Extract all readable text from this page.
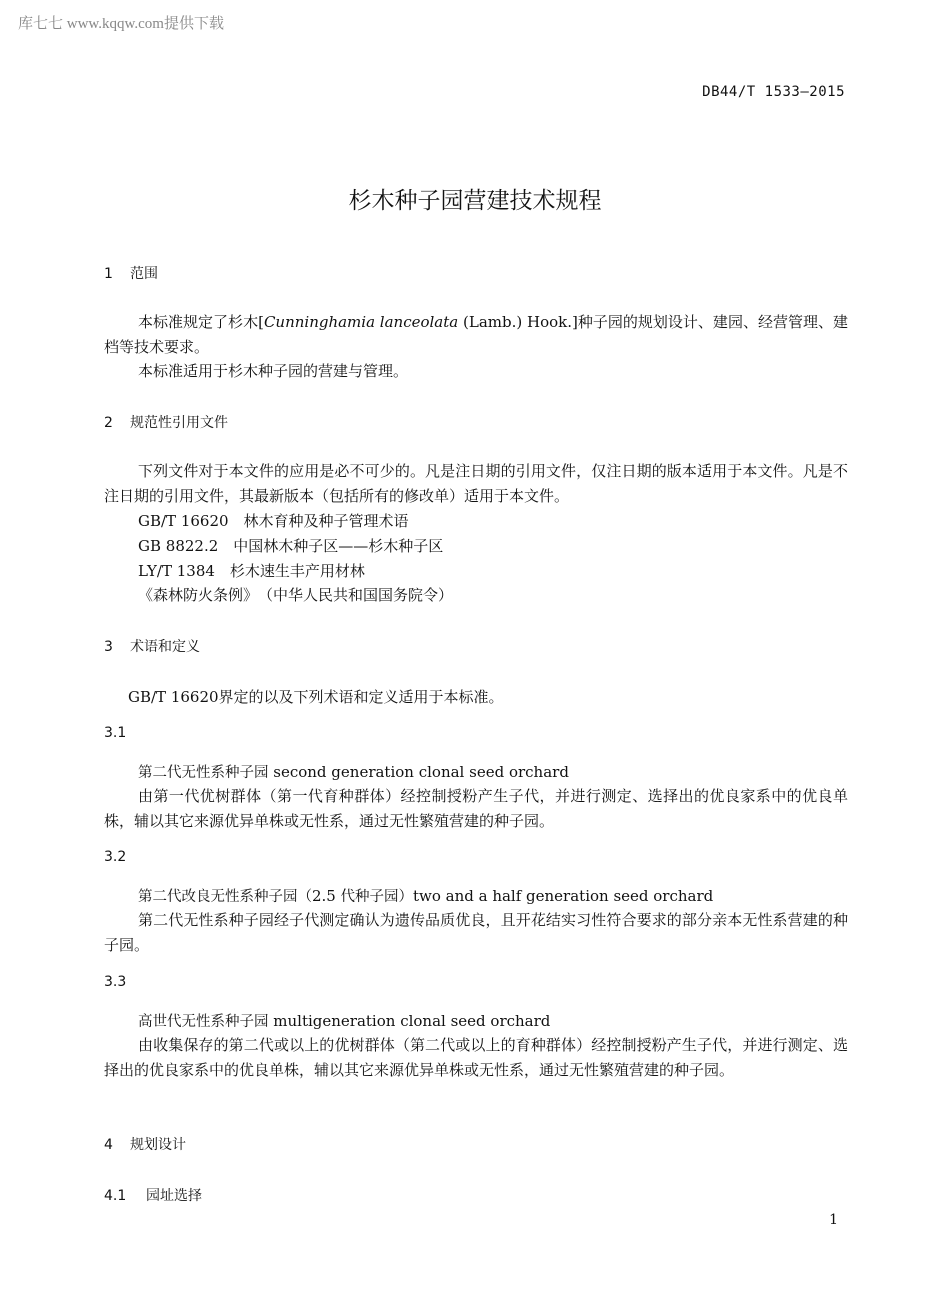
库七七 www.kqqw.com提供下载
DB44/T 1533—2015
杉木种子园营建技术规程
1 范围
本标准规定了杉木[Cunninghamia lanceolata (Lamb.) Hook.]种子园的规划设计、建园、经营管理、建档等技术要求。
本标准适用于杉木种子园的营建与管理。
2 规范性引用文件
下列文件对于本文件的应用是必不可少的。凡是注日期的引用文件，仅注日期的版本适用于本文件。凡是不注日期的引用文件，其最新版本（包括所有的修改单）适用于本文件。
GB/T 16620　林木育种及种子管理术语
GB 8822.2　中国林木种子区——杉木种子区
LY/T 1384　杉木速生丰产用材林
《森林防火条例》　（中华人民共和国国务院令）
3 术语和定义
GB/T 16620界定的以及下列术语和定义适用于本标准。
3.1
第二代无性系种子园 second generation clonal seed orchard
由第一代优树群体（第一代育种群体）经控制授粉产生子代，并进行测定、选择出的优良家系中的优良单株，辅以其它来源优异单株或无性系，通过无性繁殖营建的种子园。
3.2
第二代改良无性系种子园（2.5 代种子园）two and a half generation seed orchard
第二代无性系种子园经子代测定确认为遗传品质优良，且开花结实习性符合要求的部分亲本无性系营建的种子园。
3.3
高世代无性系种子园 multigeneration clonal seed orchard
由收集保存的第二代或以上的优树群体（第二代或以上的育种群体）经控制授粉产生子代，并进行测定、选择出的优良家系中的优良单株，辅以其它来源优异单株或无性系，通过无性繁殖营建的种子园。
4 规划设计
4.1 园址选择
1
